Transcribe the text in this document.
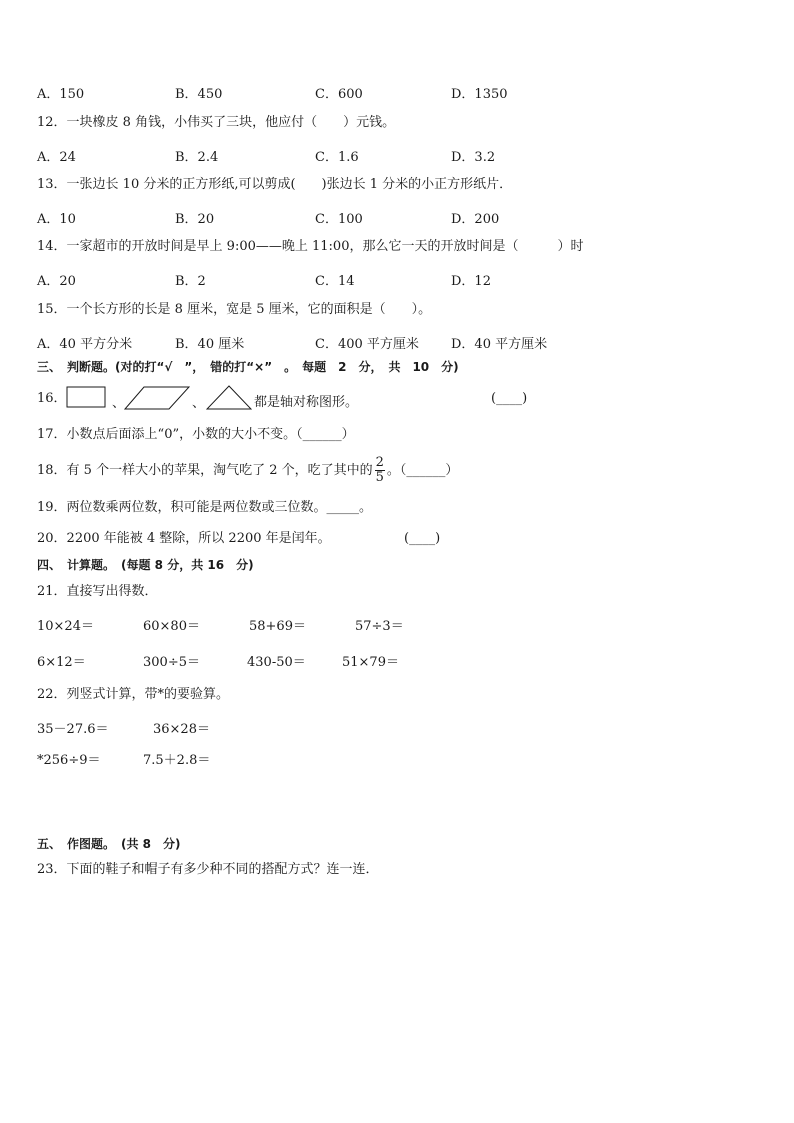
A．150	B．450	C．600	D．1350
12．一块橡皮 8 角钱，小伟买了三块，他应付（　　）元钱。
A．24	B．2.4	C．1.6	D．3.2
13．一张边长 10 分米的正方形纸,可以剪成(　　)张边长 1 分米的小正方形纸片．
A．10	B．20	C．100	D．200
14．一家超市的开放时间是早上 9:00——晚上 11:00，那么它一天的开放时间是（　　　）时
A．20	B．2	C．14	D．12
15．一个长方形的长是 8 厘米，宽是 5 厘米，它的面积是（　　）。
A．40 平方分米	B．40 厘米	C．400 平方厘米 D．40 平方厘米
三、　判断题。(对的打“√　”，　错的打“×”　。　每题　2　分，　共　10　分)
16．	、	、	都是轴对称图形。	(____)
17．小数点后面添上“0”，小数的大小不变。（______）
18．有 5 个一样大小的苹果，淘气吃了 2 个，吃了其中的 $\frac{2}{5}$ 。（______）
19．两位数乘两位数，积可能是两位数或三位数。_____。
20．2200 年能被 4 整除，所以 2200 年是闰年。	(____)
四、　计算题。　(每题 8 分，共 16　分)
21．直接写出得数．
10×24＝	60×80＝	58+69＝	57÷3＝
6×12＝	300÷5＝	430-50＝	51×79＝
22．列竖式计算，带*的要验算。
35－27.6＝	36×28＝
*256÷9＝	7.5＋2.8＝
五、　作图题。　(共 8　分)
23．下面的鞋子和帽子有多少种不同的搭配方式？连一连．
